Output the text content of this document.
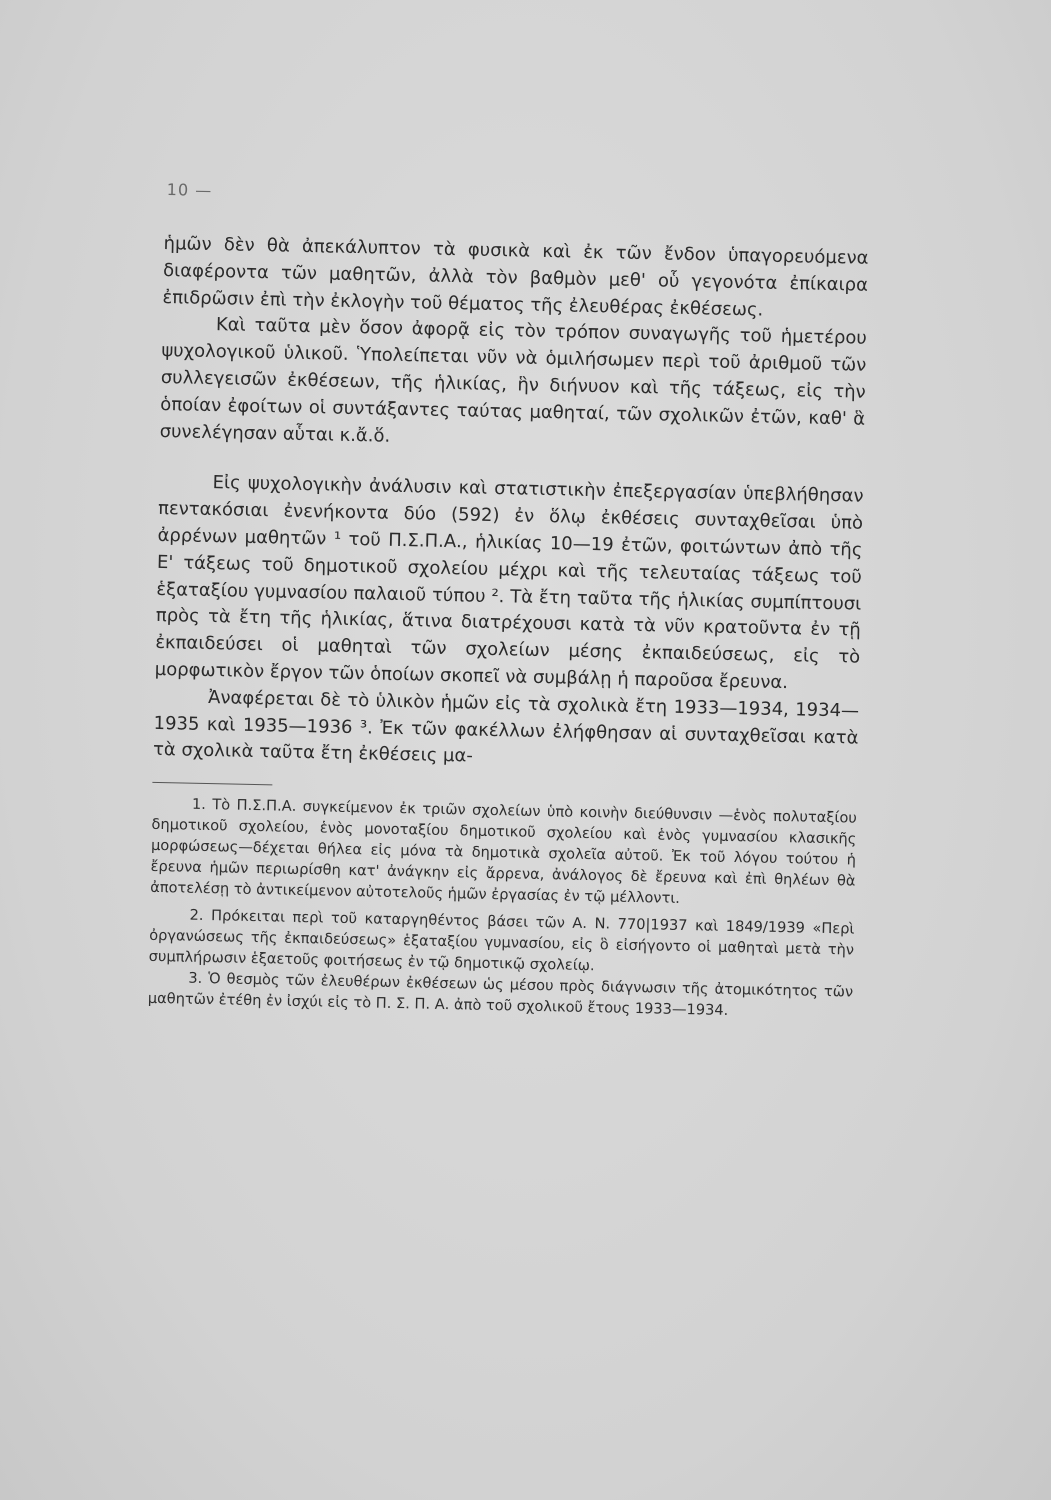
10 —

ἡμῶν δὲν θὰ ἀπεκάλυπτον τὰ φυσικὰ καὶ ἐκ τῶν ἔνδον ὑπαγορευόμενα διαφέροντα τῶν μαθητῶν, ἀλλὰ τὸν βαθμὸν μεθ' οὗ γεγονότα ἐπίκαιρα ἐπιδρῶσιν ἐπὶ τὴν ἐκλογὴν τοῦ θέματος τῆς ἐλευθέρας ἐκθέσεως.

Καὶ ταῦτα μὲν ὅσον ἀφορᾷ εἰς τὸν τρόπον συναγωγῆς τοῦ ἡμετέρου ψυχολογικοῦ ὑλικοῦ. Ὑπολείπεται νῦν νὰ ὁμιλήσωμεν περὶ τοῦ ἀριθμοῦ τῶν συλλεγεισῶν ἐκθέσεων, τῆς ἡλικίας, ἣν διήνυον καὶ τῆς τάξεως, εἰς τὴν ὁποίαν ἐφοίτων οἱ συντάξαντες ταύτας μαθηταί, τῶν σχολικῶν ἐτῶν, καθ' ἃ συνελέγησαν αὗται κ.ἄ.ὅ.

Εἰς ψυχολογικὴν ἀνάλυσιν καὶ στατιστικὴν ἐπεξεργασίαν ὑπεβλήθησαν πεντακόσιαι ἐνενήκοντα δύο (592) ἐν ὅλῳ ἐκθέσεις συνταχθεῖσαι ὑπὸ ἀρρένων μαθητῶν ¹ τοῦ Π.Σ.Π.Α., ἡλικίας 10—19 ἐτῶν, φοιτώντων ἀπὸ τῆς Ε' τάξεως τοῦ δημοτικοῦ σχολείου μέχρι καὶ τῆς τελευταίας τάξεως τοῦ ἑξαταξίου γυμνασίου παλαιοῦ τύπου ². Τὰ ἔτη ταῦτα τῆς ἡλικίας συμπίπτουσι πρὸς τὰ ἔτη τῆς ἡλικίας, ἅτινα διατρέχουσι κατὰ τὰ νῦν κρατοῦντα ἐν τῇ ἐκπαιδεύσει οἱ μαθηταὶ τῶν σχολείων μέσης ἐκπαιδεύσεως, εἰς τὸ μορφωτικὸν ἔργον τῶν ὁποίων σκοπεῖ νὰ συμβάλῃ ἡ παροῦσα ἔρευνα.

Ἀναφέρεται δὲ τὸ ὑλικὸν ἡμῶν εἰς τὰ σχολικὰ ἔτη 1933—1934, 1934—1935 καὶ 1935—1936 ³. Ἐκ τῶν φακέλλων ἐλήφθησαν αἱ συνταχθεῖσαι κατὰ τὰ σχολικὰ ταῦτα ἔτη ἐκθέσεις μα-

1. Τὸ Π.Σ.Π.Α. συγκείμενον ἐκ τριῶν σχολείων ὑπὸ κοινὴν διεύθυνσιν —ἑνὸς πολυταξίου δημοτικοῦ σχολείου, ἑνὸς μονοταξίου δημοτικοῦ σχολείου καὶ ἑνὸς γυμνασίου κλασικῆς μορφώσεως—δέχεται θήλεα εἰς μόνα τὰ δημοτικὰ σχολεῖα αὐτοῦ. Ἐκ τοῦ λόγου τούτου ἡ ἔρευνα ἡμῶν περιωρίσθη κατ' ἀνάγκην εἰς ἄρρενα, ἀνάλογος δὲ ἔρευνα καὶ ἐπὶ θηλέων θὰ ἀποτελέσῃ τὸ ἀντικείμενον αὐτοτελοῦς ἡμῶν ἐργασίας ἐν τῷ μέλλοντι.

2. Πρόκειται περὶ τοῦ καταργηθέντος βάσει τῶν Α. Ν. 770|1937 καὶ 1849/1939 «Περὶ ὀργανώσεως τῆς ἐκπαιδεύσεως» ἑξαταξίου γυμνασίου, εἰς ὃ εἰσήγοντο οἱ μαθηταὶ μετὰ τὴν συμπλήρωσιν ἑξαετοῦς φοιτήσεως ἐν τῷ δημοτικῷ σχολείῳ.

3. Ὁ θεσμὸς τῶν ἐλευθέρων ἐκθέσεων ὡς μέσου πρὸς διάγνωσιν τῆς ἀτομικότητος τῶν μαθητῶν ἐτέθη ἐν ἰσχύι εἰς τὸ Π. Σ. Π. Α. ἀπὸ τοῦ σχολικοῦ ἔτους 1933—1934.
